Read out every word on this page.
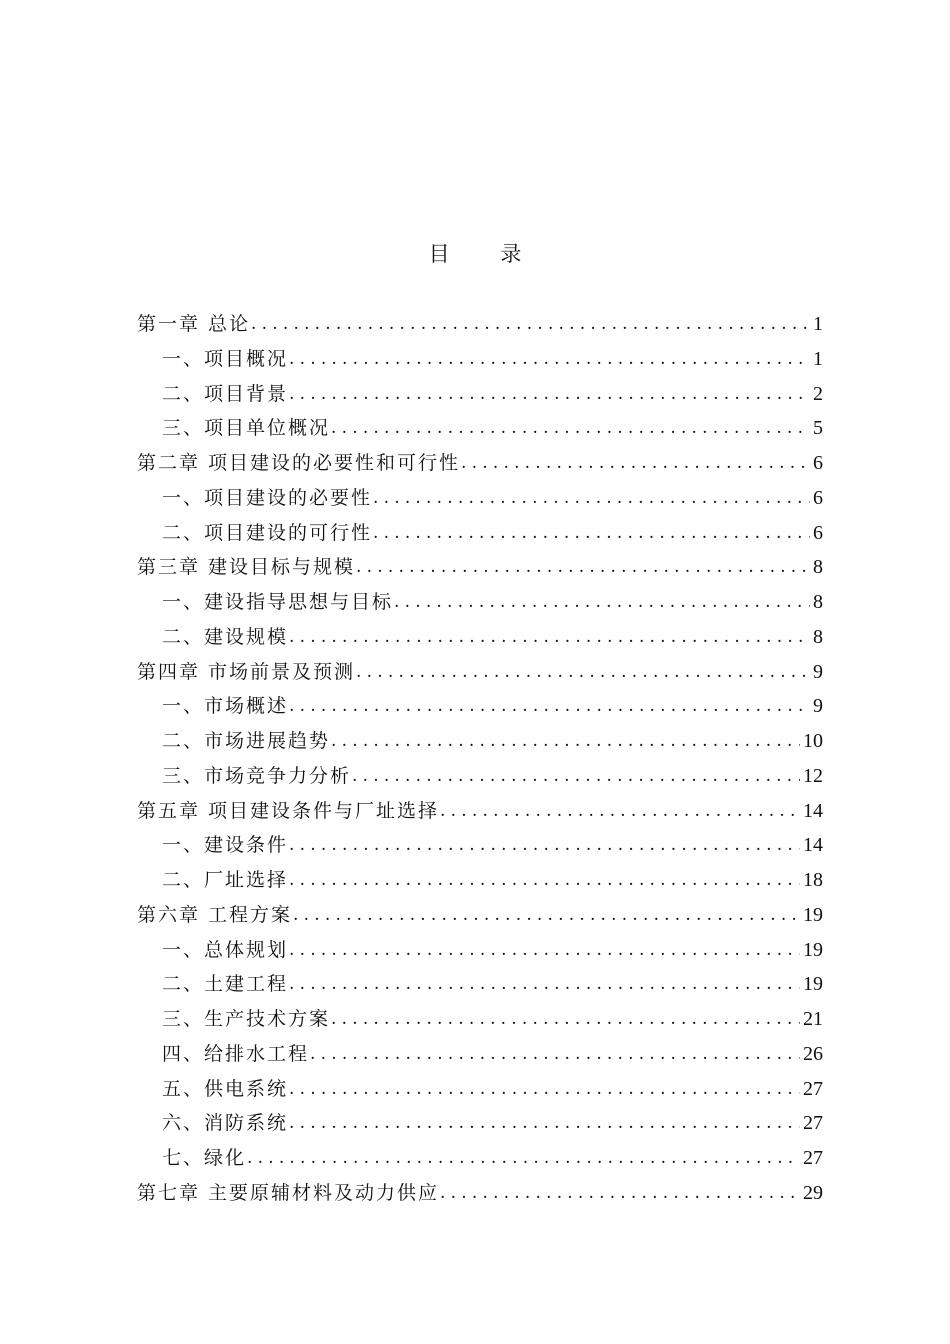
目 录
第一章 总论 .....	1
一、项目概况 .....	1
二、项目背景 .....	2
三、项目单位概况 .....	5
第二章 项目建设的必要性和可行性 .....	6
一、项目建设的必要性 .....	6
二、项目建设的可行性 .....	6
第三章 建设目标与规模 .....	8
一、建设指导思想与目标 .....	8
二、建设规模 .....	8
第四章 市场前景及预测 .....	9
一、市场概述 .....	9
二、市场进展趋势 .....	10
三、市场竞争力分析 .....	12
第五章 项目建设条件与厂址选择 .....	14
一、建设条件 .....	14
二、厂址选择 .....	18
第六章 工程方案 .....	19
一、总体规划 .....	19
二、土建工程 .....	19
三、生产技术方案 .....	21
四、给排水工程 .....	26
五、供电系统 .....	27
六、消防系统 .....	27
七、绿化 .....	27
第七章 主要原辅材料及动力供应 .....	29
